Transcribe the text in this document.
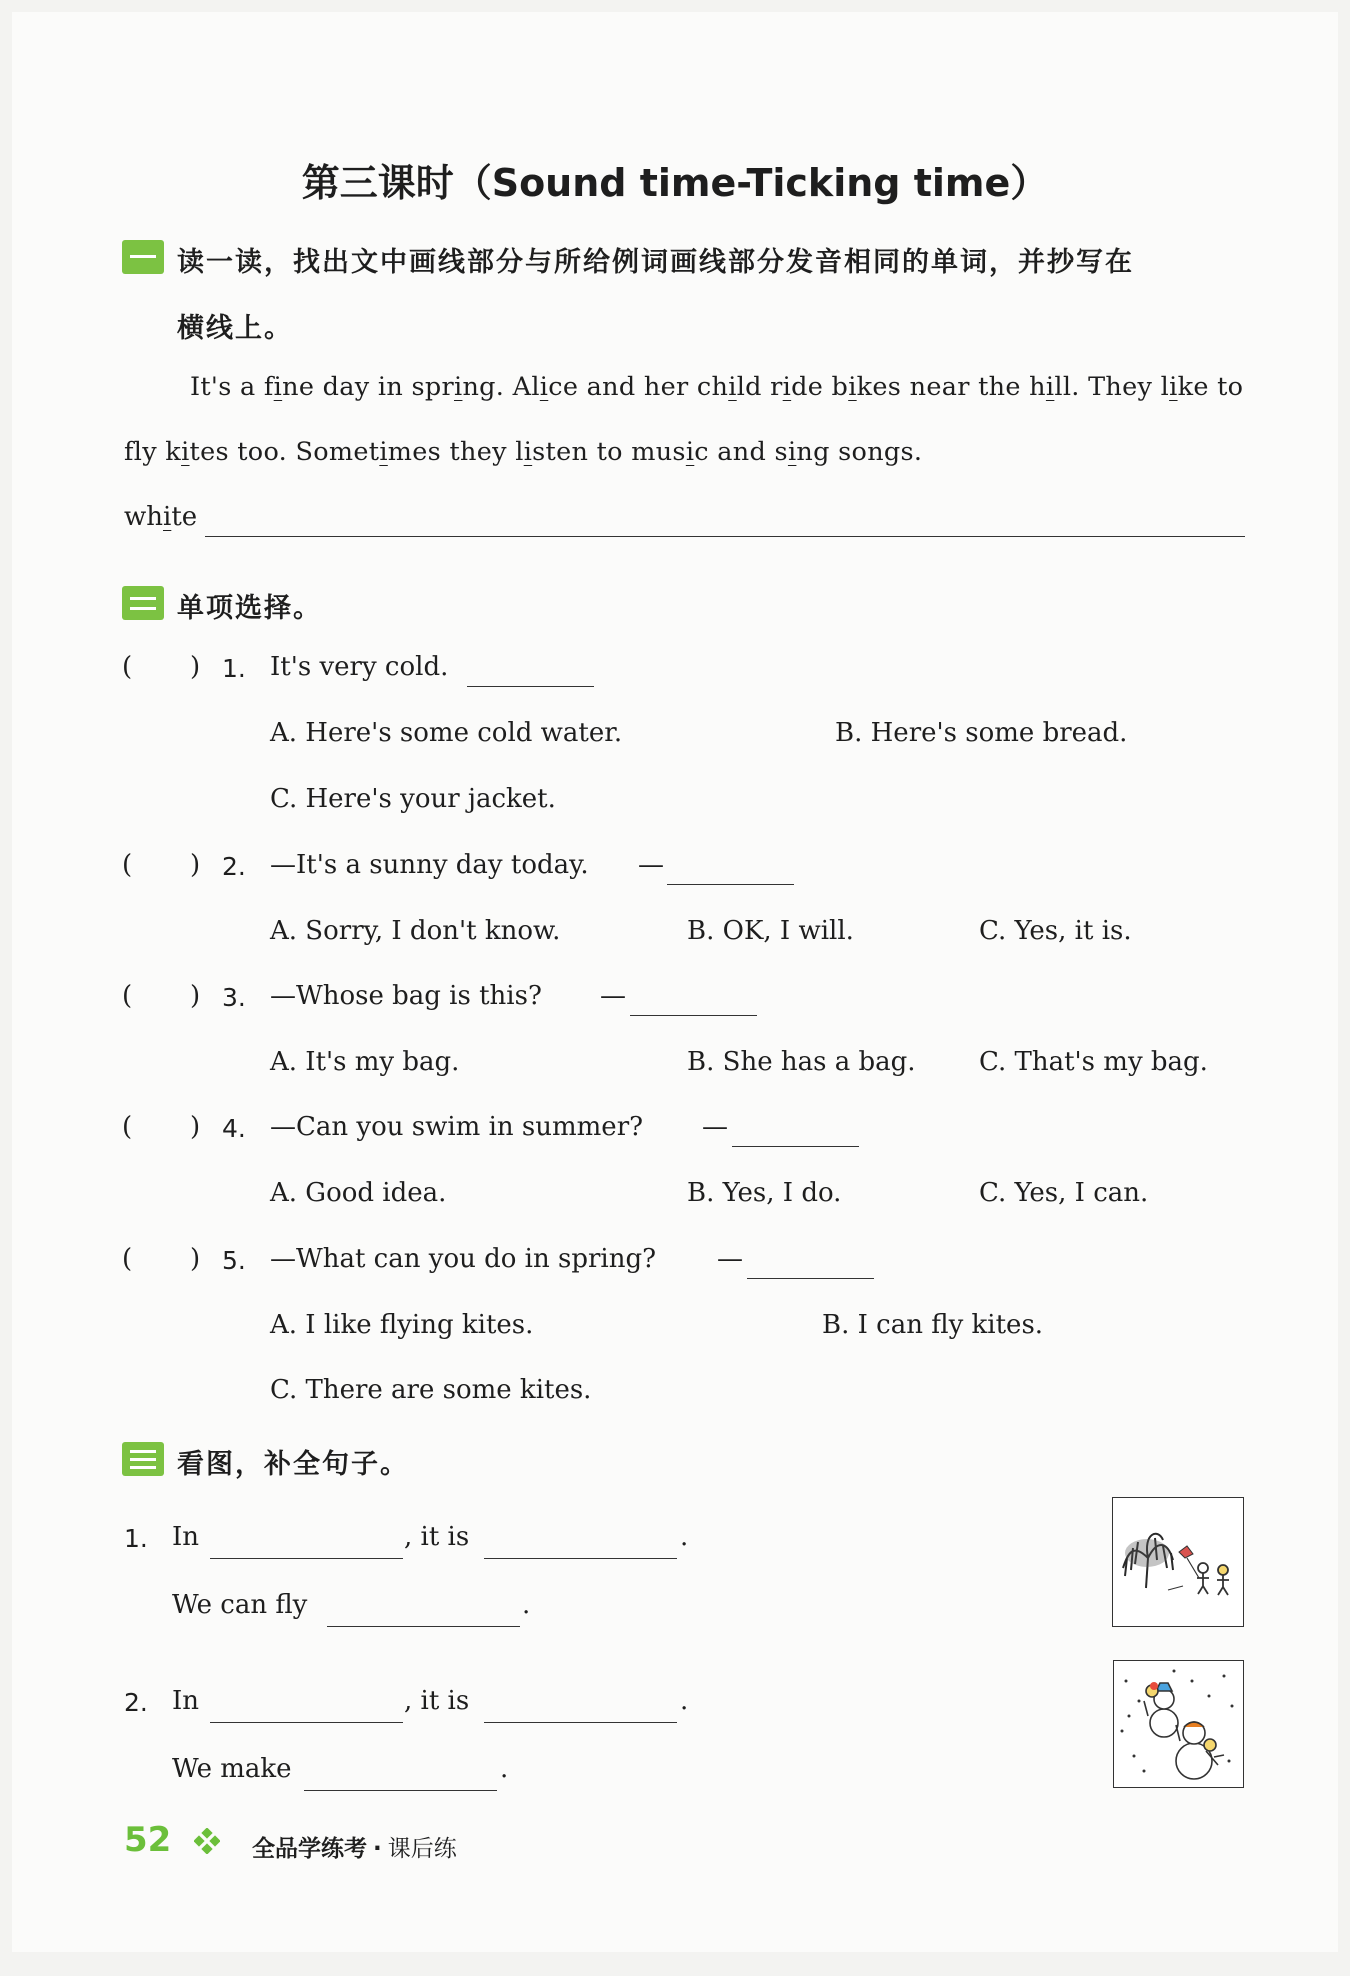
第三课时（Sound time-Ticking time）
读一读，找出文中画线部分与所给例词画线部分发音相同的单词，并抄写在
横线上。
It's a fine day in spring. Alice and her child ride bikes near the hill. They like to
fly kites too. Sometimes they listen to music and sing songs.
white
单项选择。
(       ) 1. It's very cold.
A. Here's some cold water.	B. Here's some bread.
C. Here's your jacket.
(       ) 2. —It's a sunny day today. —
A. Sorry, I don't know.	B. OK, I will.	C. Yes, it is.
(       ) 3. —Whose bag is this? —
A. It's my bag.	B. She has a bag. C. That's my bag.
(       ) 4. —Can you swim in summer? —
A. Good idea.	B. Yes, I do.	C. Yes, I can.
(       ) 5. —What can you do in spring? —
A. I like flying kites.	B. I can fly kites.
C. There are some kites.
看图，补全句子。
1. In	, it is	.
We can fly	.
2. In	, it is	.
We make	.
52	全品学练考 · 课后练
